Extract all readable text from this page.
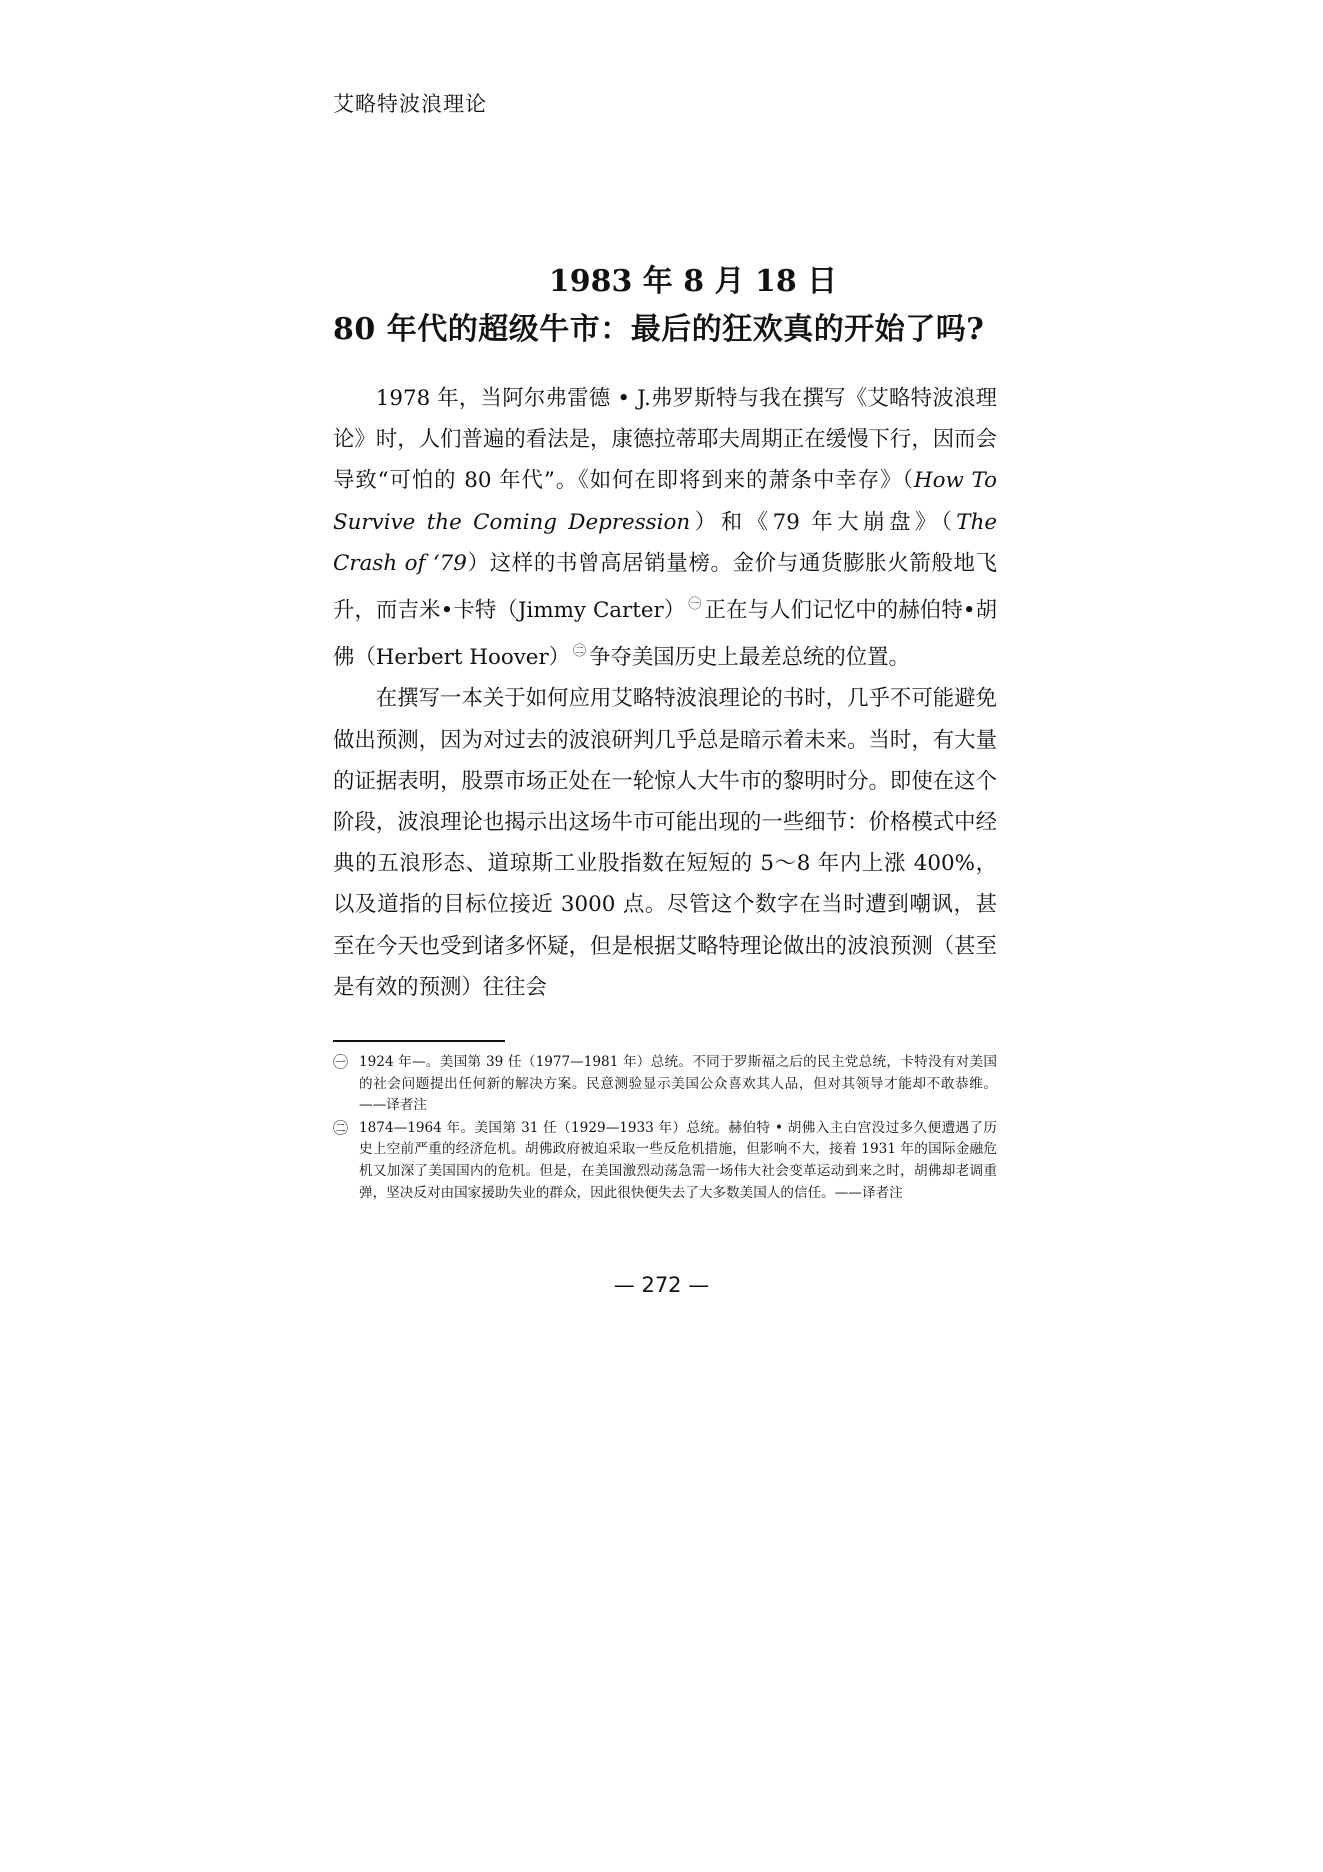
艾略特波浪理论
1983 年 8 月 18 日
80 年代的超级牛市：最后的狂欢真的开始了吗?

1978 年，当阿尔弗雷德 • J.弗罗斯特与我在撰写《艾略特波浪理论》时，人们普遍的看法是，康德拉蒂耶夫周期正在缓慢下行，因而会导致“可怕的 80 年代”。《如何在即将到来的萧条中幸存》（How To Survive the Coming Depression）和《79 年大崩盘》（The Crash of ‘79）这样的书曾高居销量榜。金价与通货膨胀火箭般地飞升，而吉米•卡特（Jimmy Carter） $^㊀$ 正在与人们记忆中的赫伯特•胡佛（Herbert Hoover） $^㊁$ 争夺美国历史上最差总统的位置。

在撰写一本关于如何应用艾略特波浪理论的书时，几乎不可能避免做出预测，因为对过去的波浪研判几乎总是暗示着未来。当时，有大量的证据表明，股票市场正处在一轮惊人大牛市的黎明时分。即使在这个阶段，波浪理论也揭示出这场牛市可能出现的一些细节：价格模式中经典的五浪形态、道琼斯工业股指数在短短的 5～8 年内上涨 400%，以及道指的目标位接近 3000 点。尽管这个数字在当时遭到嘲讽，甚至在今天也受到诸多怀疑，但是根据艾略特理论做出的波浪预测（甚至是有效的预测）往往会

㊀ 1924 年—。美国第 39 任（1977—1981 年）总统。不同于罗斯福之后的民主党总统，卡特没有对美国的社会问题提出任何新的解决方案。民意测验显示美国公众喜欢其人品，但对其领导才能却不敢恭维。——译者注
㊁ 1874—1964 年。美国第 31 任（1929—1933 年）总统。赫伯特 • 胡佛入主白宫没过多久便遭遇了历史上空前严重的经济危机。胡佛政府被迫采取一些反危机措施，但影响不大，接着 1931 年的国际金融危机又加深了美国国内的危机。但是，在美国激烈动荡急需一场伟大社会变革运动到来之时，胡佛却老调重弹，坚决反对由国家援助失业的群众，因此很快便失去了大多数美国人的信任。——译者注
— 272 —
